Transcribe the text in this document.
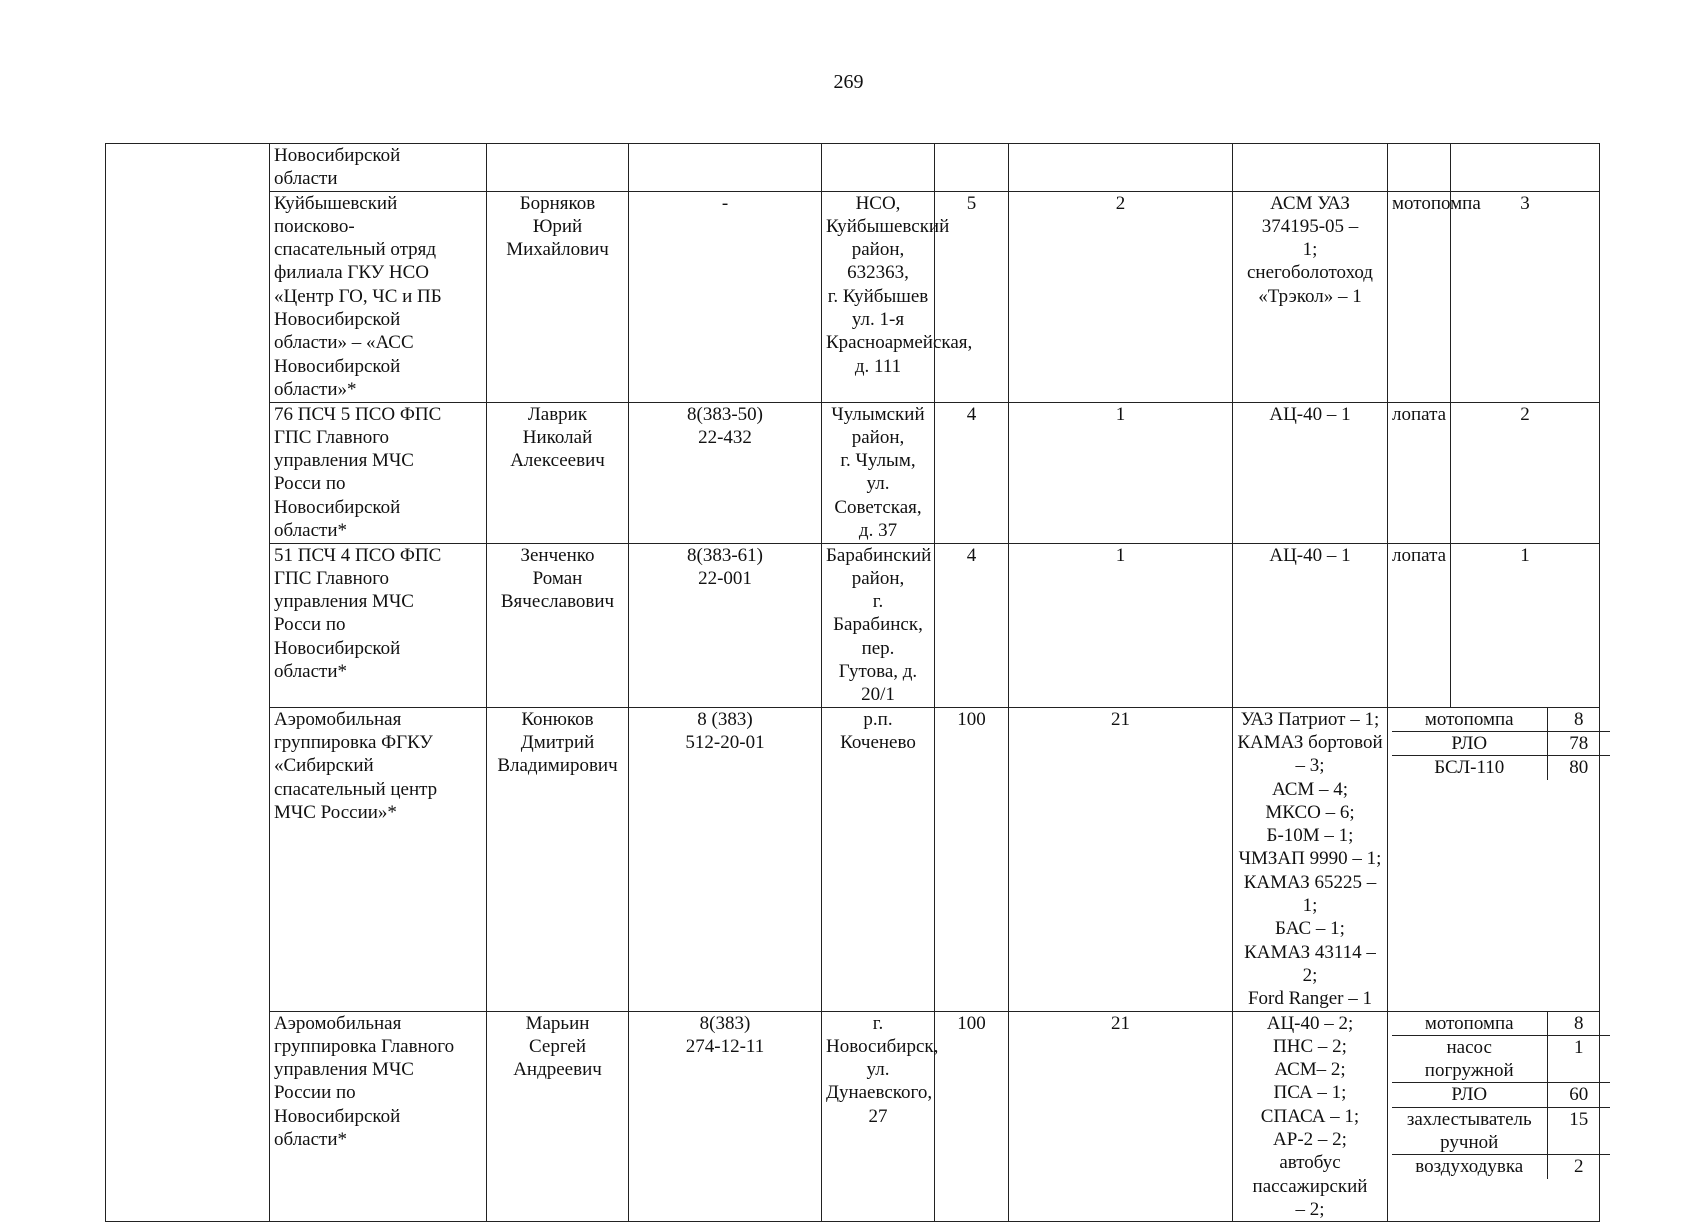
269
	Новосибирской
области								
Куйбышевский
поисково-
спасательный отряд
филиала ГКУ НСО
«Центр ГО, ЧС и ПБ
Новосибирской
области» – «АСС
Новосибирской
области»*	Борняков
Юрий
Михайлович	-	НСО,
Куйбышевский
район, 632363,
г. Куйбышев
ул. 1-я
Красноармейская,
д. 111	5	2	АСМ УАЗ 374195-05 –
1;
снегоболотоход
«Трэкол» – 1	мотопомпа	3
76 ПСЧ 5 ПСО ФПС
ГПС Главного
управления МЧС
Росси по
Новосибирской
области*	Лаврик
Николай
Алексеевич	8(383-50)
22-432	Чулымский район,
г. Чулым,
ул. Советская, д. 37	4	1	АЦ-40 – 1	лопата	2
51 ПСЧ 4 ПСО ФПС
ГПС Главного
управления МЧС
Росси по
Новосибирской
области*	Зенченко
Роман
Вячеславович	8(383-61)
22-001	Барабинский
район,
г. Барабинск, пер.
Гутова, д. 20/1	4	1	АЦ-40 – 1	лопата	1
Аэромобильная
группировка ФГКУ
«Сибирский
спасательный центр
МЧС России»*	Конюков
Дмитрий
Владимирович	8 (383)
512-20-01	р.п. Коченево	100	21	УАЗ Патриот – 1;
КАМАЗ бортовой – 3;
АСМ – 4;
МКСО – 6;
Б-10М – 1;
ЧМЗАП 9990 – 1;
КАМАЗ 65225 – 1;
БАС – 1;
КАМАЗ 43114 – 2;
Ford Ranger – 1	
мотопомпа	8
РЛО	78
БСЛ-110	80

Аэромобильная
группировка Главного
управления МЧС
России по
Новосибирской
области*	Марьин
Сергей
Андреевич	8(383)
274-12-11	г. Новосибирск,
ул. Дунаевского, 27	100	21	АЦ-40 – 2;
ПНС – 2;
АСМ– 2;
ПСА – 1;
СПАСА – 1;
АР-2 – 2;
автобус пассажирский
– 2;	
мотопомпа	8
насос
погружной	1
РЛО	60
захлестыватель
ручной	15
воздуходувка	2
